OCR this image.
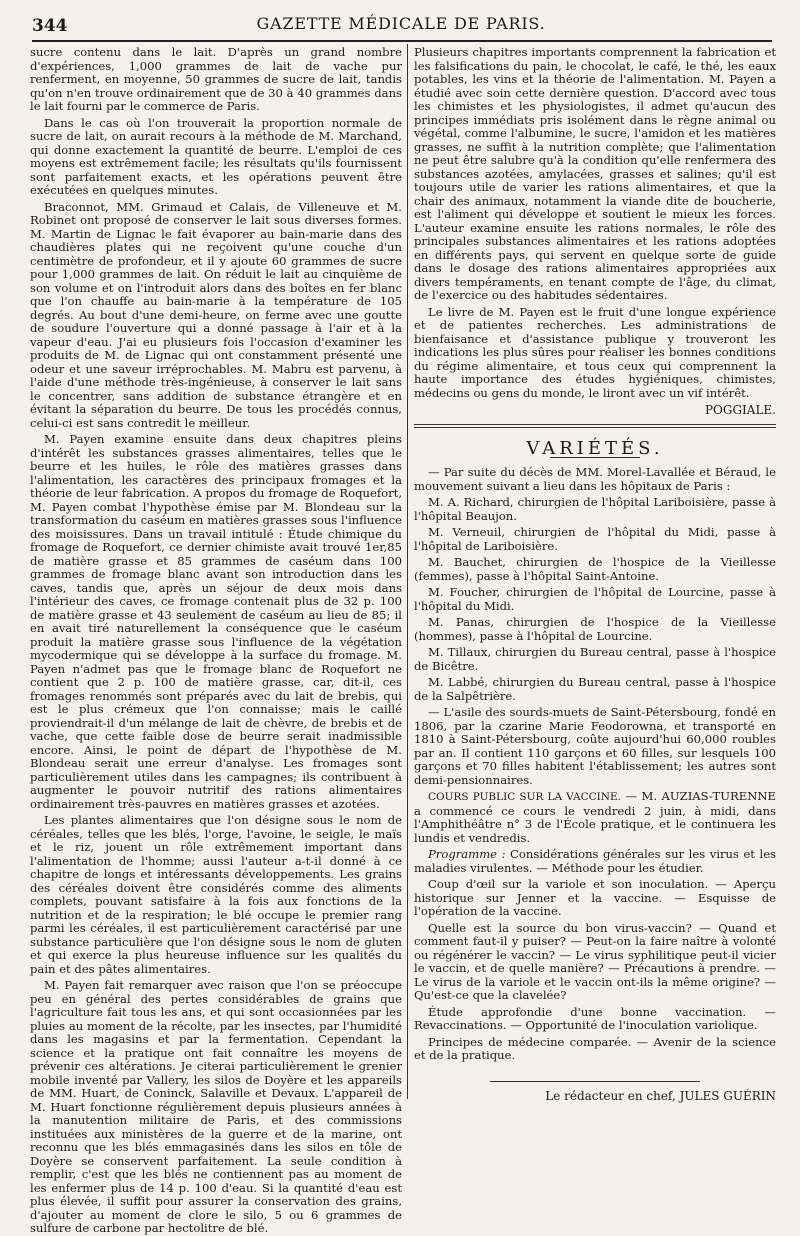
344	GAZETTE MÉDICALE DE PARIS.

sucre contenu dans le lait. D'après un grand nombre d'expériences, 1,000 grammes de lait de vache pur renferment, en moyenne, 50 grammes de sucre de lait, tandis qu'on n'en trouve ordinairement que de 30 à 40 grammes dans le lait fourni par le commerce de Paris.

Dans le cas où l'on trouverait la proportion normale de sucre de lait, on aurait recours à la méthode de M. Marchand, qui donne exactement la quantité de beurre. L'emploi de ces moyens est extrêmement facile; les résultats qu'ils fournissent sont parfaitement exacts, et les opérations peuvent être exécutées en quelques minutes.

Braconnot, MM. Grimaud et Calais, de Villeneuve et M. Robinet ont proposé de conserver le lait sous diverses formes. M. Martin de Lignac le fait évaporer au bain-marie dans des chaudières plates qui ne reçoivent qu'une couche d'un centimètre de profondeur, et il y ajoute 60 grammes de sucre pour 1,000 grammes de lait. On réduit le lait au cinquième de son volume et on l'introduit alors dans des boîtes en fer blanc que l'on chauffe au bain-marie à la température de 105 degrés. Au bout d'une demi-heure, on ferme avec une goutte de soudure l'ouverture qui a donné passage à l'air et à la vapeur d'eau. J'ai eu plusieurs fois l'occasion d'examiner les produits de M. de Lignac qui ont constamment présenté une odeur et une saveur irréprochables. M. Mabru est parvenu, à l'aide d'une méthode très-ingénieuse, à conserver le lait sans le concentrer, sans addition de substance étrangère et en évitant la séparation du beurre. De tous les procédés connus, celui-ci est sans contredit le meilleur.

M. Payen examine ensuite dans deux chapitres pleins d'intérêt les substances grasses alimentaires, telles que le beurre et les huiles, le rôle des matières grasses dans l'alimentation, les caractères des principaux fromages et la théorie de leur fabrication. A propos du fromage de Roquefort, M. Payen combat l'hypothèse émise par M. Blondeau sur la transformation du caséum en matières grasses sous l'influence des moisissures. Dans un travail intitulé : Étude chimique du fromage de Roquefort, ce dernier chimiste avait trouvé 1er,85 de matière grasse et 85 grammes de caséum dans 100 grammes de fromage blanc avant son introduction dans les caves, tandis que, après un séjour de deux mois dans l'intérieur des caves, ce fromage contenait plus de 32 p. 100 de matière grasse et 43 seulement de caséum au lieu de 85; il en avait tiré naturellement la conséquence que le caséum produit la matière grasse sous l'influence de la végétation mycodermique qui se développe à la surface du fromage. M. Payen n'admet pas que le fromage blanc de Roquefort ne contient que 2 p. 100 de matière grasse, car, dit-il, ces fromages renommés sont préparés avec du lait de brebis, qui est le plus crémeux que l'on connaisse; mais le caillé proviendrait-il d'un mélange de lait de chèvre, de brebis et de vache, que cette faible dose de beurre serait inadmissible encore. Ainsi, le point de départ de l'hypothèse de M. Blondeau serait une erreur d'analyse. Les fromages sont particulièrement utiles dans les campagnes; ils contribuent à augmenter le pouvoir nutritif des rations alimentaires ordinairement très-pauvres en matières grasses et azotées.

Les plantes alimentaires que l'on désigne sous le nom de céréales, telles que les blés, l'orge, l'avoine, le seigle, le maïs et le riz, jouent un rôle extrêmement important dans l'alimentation de l'homme; aussi l'auteur a-t-il donné à ce chapitre de longs et intéressants développements. Les grains des céréales doivent être considérés comme des aliments complets, pouvant satisfaire à la fois aux fonctions de la nutrition et de la respiration; le blé occupe le premier rang parmi les céréales, il est particulièrement caractérisé par une substance particulière que l'on désigne sous le nom de gluten et qui exerce la plus heureuse influence sur les qualités du pain et des pâtes alimentaires.

M. Payen fait remarquer avec raison que l'on se préoccupe peu en général des pertes considérables de grains que l'agriculture fait tous les ans, et qui sont occasionnées par les pluies au moment de la récolte, par les insectes, par l'humidité dans les magasins et par la fermentation. Cependant la science et la pratique ont fait connaître les moyens de prévenir ces altérations. Je citerai particulièrement le grenier mobile inventé par Vallery, les silos de Doyère et les appareils de MM. Huart, de Coninck, Salaville et Devaux. L'appareil de M. Huart fonctionne régulièrement depuis plusieurs années à la manutention militaire de Paris, et des commissions instituées aux ministères de la guerre et de la marine, ont reconnu que les blés emmagasinés dans les silos en tôle de Doyère se conservent parfaitement. La seule condition à remplir, c'est que les blés ne contiennent pas au moment de les enfermer plus de 14 p. 100 d'eau. Si la quantité d'eau est plus élevée, il suffit pour assurer la conservation des grains, d'ajouter au moment de clore le silo, 5 ou 6 grammes de sulfure de carbone par hectolitre de blé.

Plusieurs chapitres importants comprennent la fabrication et les falsifications du pain, le chocolat, le café, le thé, les eaux potables, les vins et la théorie de l'alimentation. M. Payen a étudié avec soin cette dernière question. D'accord avec tous les chimistes et les physiologistes, il admet qu'aucun des principes immédiats pris isolément dans le règne animal ou végétal, comme l'albumine, le sucre, l'amidon et les matières grasses, ne suffit à la nutrition complète; que l'alimentation ne peut être salubre qu'à la condition qu'elle renfermera des substances azotées, amylacées, grasses et salines; qu'il est toujours utile de varier les rations alimentaires, et que la chair des animaux, notamment la viande dite de boucherie, est l'aliment qui développe et soutient le mieux les forces. L'auteur examine ensuite les rations normales, le rôle des principales substances alimentaires et les rations adoptées en différents pays, qui servent en quelque sorte de guide dans le dosage des rations alimentaires appropriées aux divers tempéraments, en tenant compte de l'âge, du climat, de l'exercice ou des habitudes sédentaires.

Le livre de M. Payen est le fruit d'une longue expérience et de patientes recherches. Les administrations de bienfaisance et d'assistance publique y trouveront les indications les plus sûres pour réaliser les bonnes conditions du régime alimentaire, et tous ceux qui comprennent la haute importance des études hygiéniques, chimistes, médecins ou gens du monde, le liront avec un vif intérêt.

POGGIALE.
VARIÉTÉS.

— Par suite du décès de MM. Morel-Lavallée et Béraud, le mouvement suivant a lieu dans les hôpitaux de Paris :

M. A. Richard, chirurgien de l'hôpital Lariboisière, passe à l'hôpital Beaujon.

M. Verneuil, chirurgien de l'hôpital du Midi, passe à l'hôpital de Lariboisière.

M. Bauchet, chirurgien de l'hospice de la Vieillesse (femmes), passe à l'hôpital Saint-Antoine.

M. Foucher, chirurgien de l'hôpital de Lourcine, passe à l'hôpital du Midi.

M. Panas, chirurgien de l'hospice de la Vieillesse (hommes), passe à l'hôpital de Lourcine.

M. Tillaux, chirurgien du Bureau central, passe à l'hospice de Bicêtre.

M. Labbé, chirurgien du Bureau central, passe à l'hospice de la Salpêtrière.

— L'asile des sourds-muets de Saint-Pétersbourg, fondé en 1806, par la czarine Marie Feodorowna, et transporté en 1810 à Saint-Pétersbourg, coûte aujourd'hui 60,000 roubles par an. Il contient 110 garçons et 60 filles, sur lesquels 100 garçons et 70 filles habitent l'établissement; les autres sont demi-pensionnaires.

COURS PUBLIC SUR LA VACCINE. — M. AUZIAS-TURENNE a commencé ce cours le vendredi 2 juin, à midi, dans l'Amphithéâtre n° 3 de l'École pratique, et le continuera les lundis et vendredis.

Programme : Considérations générales sur les virus et les maladies virulentes. — Méthode pour les étudier.

Coup d'œil sur la variole et son inoculation. — Aperçu historique sur Jenner et la vaccine. — Esquisse de l'opération de la vaccine.

Quelle est la source du bon virus-vaccin? — Quand et comment faut-il y puiser? — Peut-on la faire naître à volonté ou régénérer le vaccin? — Le virus syphilitique peut-il vicier le vaccin, et de quelle manière? — Précautions à prendre. — Le virus de la variole et le vaccin ont-ils la même origine? — Qu'est-ce que la clavelée?

Étude approfondie d'une bonne vaccination. — Revaccinations. — Opportunité de l'inoculation variolique.

Principes de médecine comparée. — Avenir de la science et de la pratique.

Le rédacteur en chef, JULES GUÉRIN
